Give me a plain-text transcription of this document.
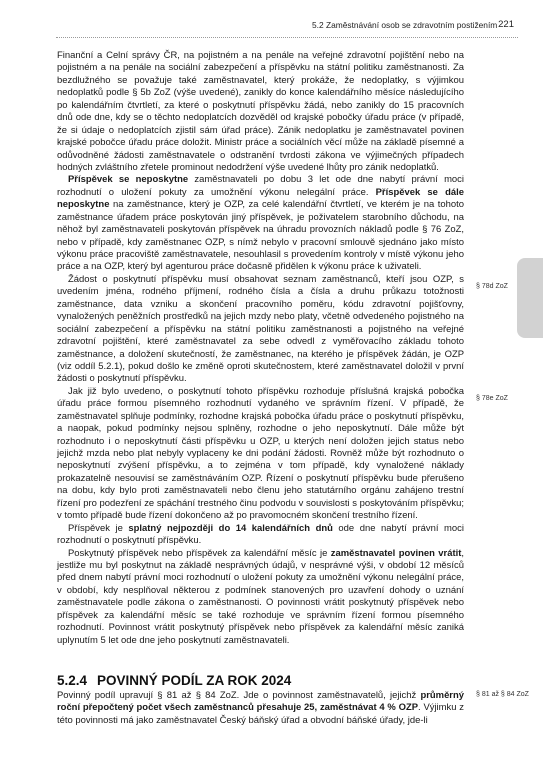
5.2 Zaměstnávání osob se zdravotním postižením 221

Finanční a Celní správy ČR, na pojistném a na penále na veřejné zdravotní pojištění nebo na pojistném a na penále na sociální zabezpečení a příspěvku na státní politiku zaměstnanosti. Za bezdlužného se považuje také zaměstnavatel, který prokáže, že nedoplatky, s výjimkou nedoplatků podle § 5b ZoZ (výše uvedené), zanikly do konce kalendářního měsíce následujícího po kalendářním čtvrtletí, za které o poskytnutí příspěvku žádá, nebo zanikly do 15 pracovních dnů ode dne, kdy se o těchto nedoplatcích dozvěděl od krajské pobočky úřadu práce (v případě, že si údaje o nedoplatcích zjistil sám úřad práce). Zánik nedoplatku je zaměstnavatel povinen krajské pobočce úřadu práce doložit. Ministr práce a sociálních věcí může na základě písemné a odůvodněné žádosti zaměstnavatele o odstranění tvrdosti zákona ve výjimečných případech hodných zvláštního zřetele prominout nedodržení výše uvedené lhůty pro zánik nedoplatků.

Příspěvek se neposkytne zaměstnavateli po dobu 3 let ode dne nabytí právní moci rozhodnutí o uložení pokuty za umožnění výkonu nelegální práce. Příspěvek se dále neposkytne na zaměstnance, který je OZP, za celé kalendářní čtvrtletí, ve kterém je na tohoto zaměstnance úřadem práce poskytován jiný příspěvek, je poživatelem starobního důchodu, na něhož byl zaměstnavateli poskytován příspěvek na úhradu provozních nákladů podle § 76 ZoZ, nebo v případě, kdy zaměstnanec OZP, s nímž nebylo v pracovní smlouvě sjednáno jako místo výkonu práce pracoviště zaměstnavatele, nesouhlasil s provedením kontroly v místě výkonu jeho práce a na OZP, který byl agenturou práce dočasně přidělen k výkonu práce k uživateli.

Žádost o poskytnutí příspěvku musí obsahovat seznam zaměstnanců, kteří jsou OZP, s uvedením jména, rodného příjmení, rodného čísla a čísla a druhu průkazu totožnosti zaměstnance, data vzniku a skončení pracovního poměru, kódu zdravotní pojišťovny, vynaložených peněžních prostředků na jejich mzdy nebo platy, včetně odvedeného pojistného na sociální zabezpečení a příspěvku na státní politiku zaměstnanosti a pojistného na veřejné zdravotní pojištění, které zaměstnavatel za sebe odvedl z vyměřovacího základu tohoto zaměstnance, a doložení skutečností, že zaměstnanec, na kterého je příspěvek žádán, je OZP (viz oddíl 5.2.1), pokud došlo ke změně oproti skutečnostem, které zaměstnavatel doložil v první žádosti o poskytnutí příspěvku.

Jak již bylo uvedeno, o poskytnutí tohoto příspěvku rozhoduje příslušná krajská pobočka úřadu práce formou písemného rozhodnutí vydaného ve správním řízení. V případě, že zaměstnavatel splňuje podmínky, rozhodne krajská pobočka úřadu práce o poskytnutí příspěvku, a naopak, pokud podmínky nejsou splněny, rozhodne o jeho neposkytnutí. Dále může být rozhodnuto i o neposkytnutí části příspěvku u OZP, u kterých není doložen jejich status nebo jejichž mzda nebo plat nebyly vyplaceny ke dni podání žádosti. Rovněž může být rozhodnuto o neposkytnutí zvýšení příspěvku, a to zejména v tom případě, kdy vynaložené náklady prokazatelně nesouvisí se zaměstnáváním OZP. Řízení o poskytnutí příspěvku bude přerušeno na dobu, kdy bylo proti zaměstnavateli nebo členu jeho statutárního orgánu zahájeno trestní řízení pro podezření ze spáchání trestného činu podvodu v souvislosti s poskytováním příspěvku; v tomto případě bude řízení dokončeno až po pravomocném skončení trestního řízení.

Příspěvek je splatný nejpozději do 14 kalendářních dnů ode dne nabytí právní moci rozhodnutí o poskytnutí příspěvku.

Poskytnutý příspěvek nebo příspěvek za kalendářní měsíc je zaměstnavatel povinen vrátit, jestliže mu byl poskytnut na základě nesprávných údajů, v nesprávné výši, v období 12 měsíců před dnem nabytí právní moci rozhodnutí o uložení pokuty za umožnění výkonu nelegální práce, v období, kdy nesplňoval některou z podmínek stanovených pro uzavření dohody o uznání zaměstnavatele podle zákona o zaměstnanosti. O povinnosti vrátit poskytnutý příspěvek nebo příspěvek za kalendářní měsíc se také rozhoduje ve správním řízení formou písemného rozhodnutí. Povinnost vrátit poskytnutý příspěvek nebo příspěvek za kalendářní měsíc zaniká uplynutím 5 let ode dne jeho poskytnutí zaměstnavateli.

§ 78d ZoZ
§ 78e ZoZ
§ 81 až § 84 ZoZ
5.2.4 POVINNÝ PODÍL ZA ROK 2024

Povinný podíl upravují § 81 až § 84 ZoZ. Jde o povinnost zaměstnavatelů, jejichž průměrný roční přepočtený počet všech zaměstnanců přesahuje 25, zaměstnávat 4 % OZP. Výjimku z této povinnosti má jako zaměstnavatel Český báňský úřad a obvodní báňské úřady, jde-li
